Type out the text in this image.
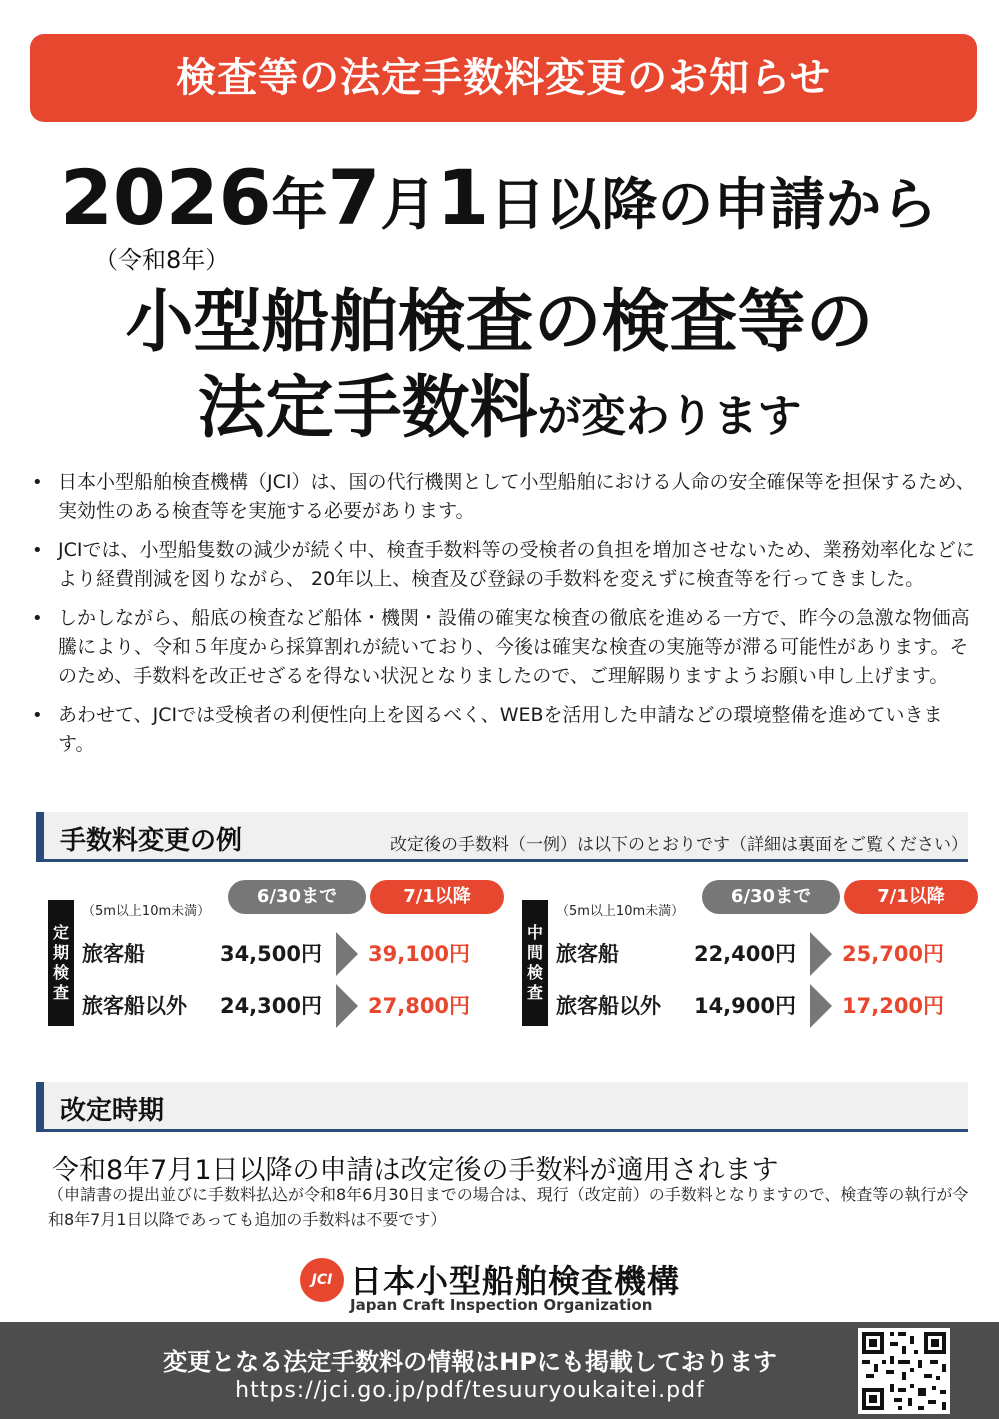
検査等の法定手数料変更のお知らせ
2026年7月1日以降の申請から
（令和8年）
小型船舶検査の検査等の
法定手数料が変わります
• 日本小型船舶検査機構（JCI）は、国の代行機関として小型船舶における人命の安全確保等を担保するため、実効性のある検査等を実施する必要があります。
• JCIでは、小型船隻数の減少が続く中、検査手数料等の受検者の負担を増加させないため、業務効率化などにより経費削減を図りながら、 20年以上、検査及び登録の手数料を変えずに検査等を行ってきました。
• しかしながら、船底の検査など船体・機関・設備の確実な検査の徹底を進める一方で、昨今の急激な物価高騰により、令和５年度から採算割れが続いており、今後は確実な検査の実施等が滞る可能性があります。そのため、手数料を改正せざるを得ない状況となりましたので、ご理解賜りますようお願い申し上げます。
• あわせて、JCIでは受検者の利便性向上を図るべく、WEBを活用した申請などの環境整備を進めていきます。
手数料変更の例	改定後の手数料（一例）は以下のとおりです（詳細は裏面をご覧ください）
定
期
検
査
（5m以上10m未満）
6/30まで	7/1以降
旅客船	34,500円 39,100円
旅客船以外	24,300円 27,800円
中
間
検
査
（5m以上10m未満）
6/30まで	7/1以降
旅客船	22,400円 25,700円
旅客船以外	14,900円 17,200円
改定時期
令和8年7月1日以降の申請は改定後の手数料が適用されます
（申請書の提出並びに手数料払込が令和8年6月30日までの場合は、現行（改定前）の手数料となりますので、検査等の執行が令和8年7月1日以降であっても追加の手数料は不要です）
JCI 日本小型船舶検査機構
Japan Craft Inspection Organization
変更となる法定手数料の情報はHPにも掲載しております
https://jci.go.jp/pdf/tesuuryoukaitei.pdf
